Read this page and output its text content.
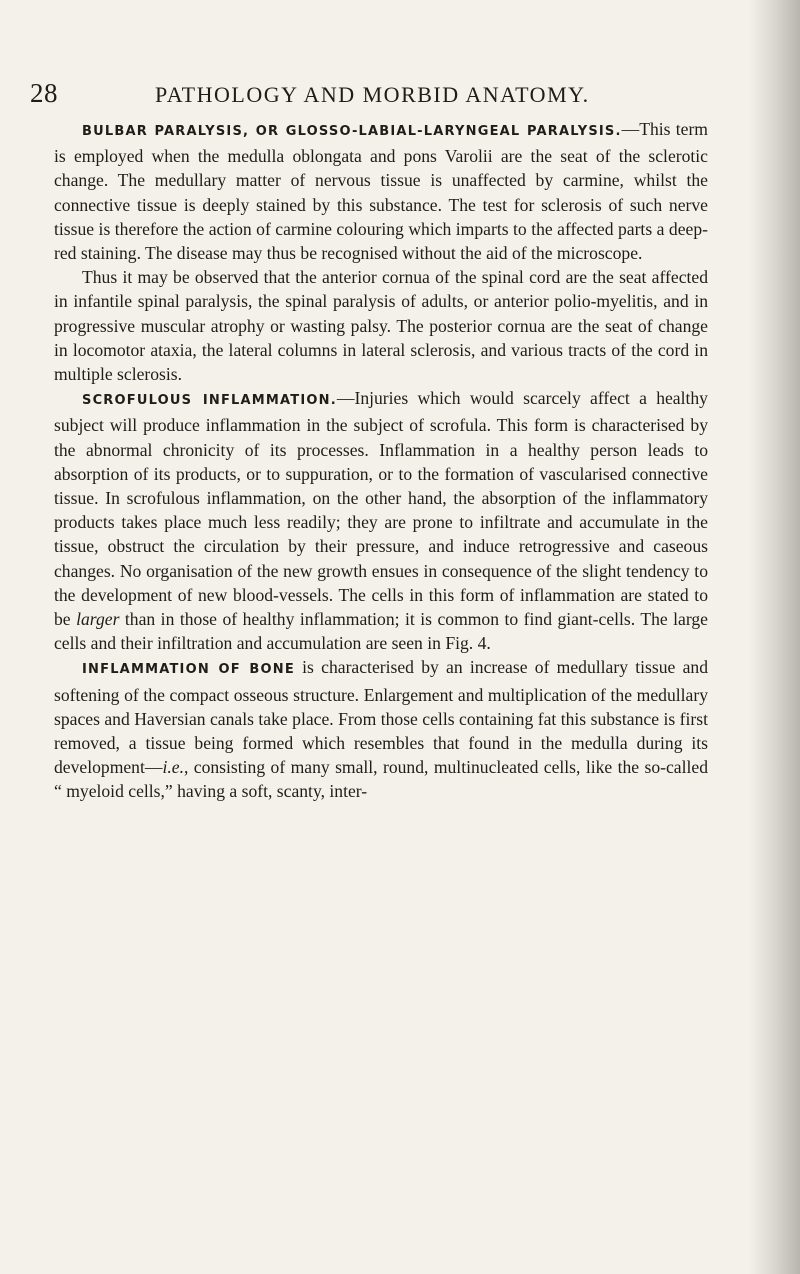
28	PATHOLOGY AND MORBID ANATOMY.

BULBAR PARALYSIS, OR GLOSSO-LABIAL-LARYNGEAL PARALYSIS.—This term is employed when the medulla oblongata and pons Varolii are the seat of the sclerotic change. The medullary matter of nervous tissue is unaffected by carmine, whilst the connective tissue is deeply stained by this substance. The test for sclerosis of such nerve tissue is therefore the action of carmine colouring which imparts to the affected parts a deep-red staining. The disease may thus be recognised without the aid of the microscope.

Thus it may be observed that the anterior cornua of the spinal cord are the seat affected in infantile spinal paralysis, the spinal paralysis of adults, or anterior polio-myelitis, and in progressive muscular atrophy or wasting palsy. The posterior cornua are the seat of change in locomotor ataxia, the lateral columns in lateral sclerosis, and various tracts of the cord in multiple sclerosis.

SCROFULOUS INFLAMMATION.—Injuries which would scarcely affect a healthy subject will produce inflammation in the subject of scrofula. This form is characterised by the abnormal chronicity of its processes. Inflammation in a healthy person leads to absorption of its products, or to suppuration, or to the formation of vascularised connective tissue. In scrofulous inflammation, on the other hand, the absorption of the inflammatory products takes place much less readily; they are prone to infiltrate and accumulate in the tissue, obstruct the circulation by their pressure, and induce retrogressive and caseous changes. No organisation of the new growth ensues in consequence of the slight tendency to the development of new blood-vessels. The cells in this form of inflammation are stated to be larger than in those of healthy inflammation; it is common to find giant-cells. The large cells and their infiltration and accumulation are seen in Fig. 4.

INFLAMMATION OF BONE is characterised by an increase of medullary tissue and softening of the compact osseous structure. Enlargement and multiplication of the medullary spaces and Haversian canals take place. From those cells containing fat this substance is first removed, a tissue being formed which resembles that found in the medulla during its development—i.e., consisting of many small, round, multinucleated cells, like the so-called “ myeloid cells,” having a soft, scanty, inter-
